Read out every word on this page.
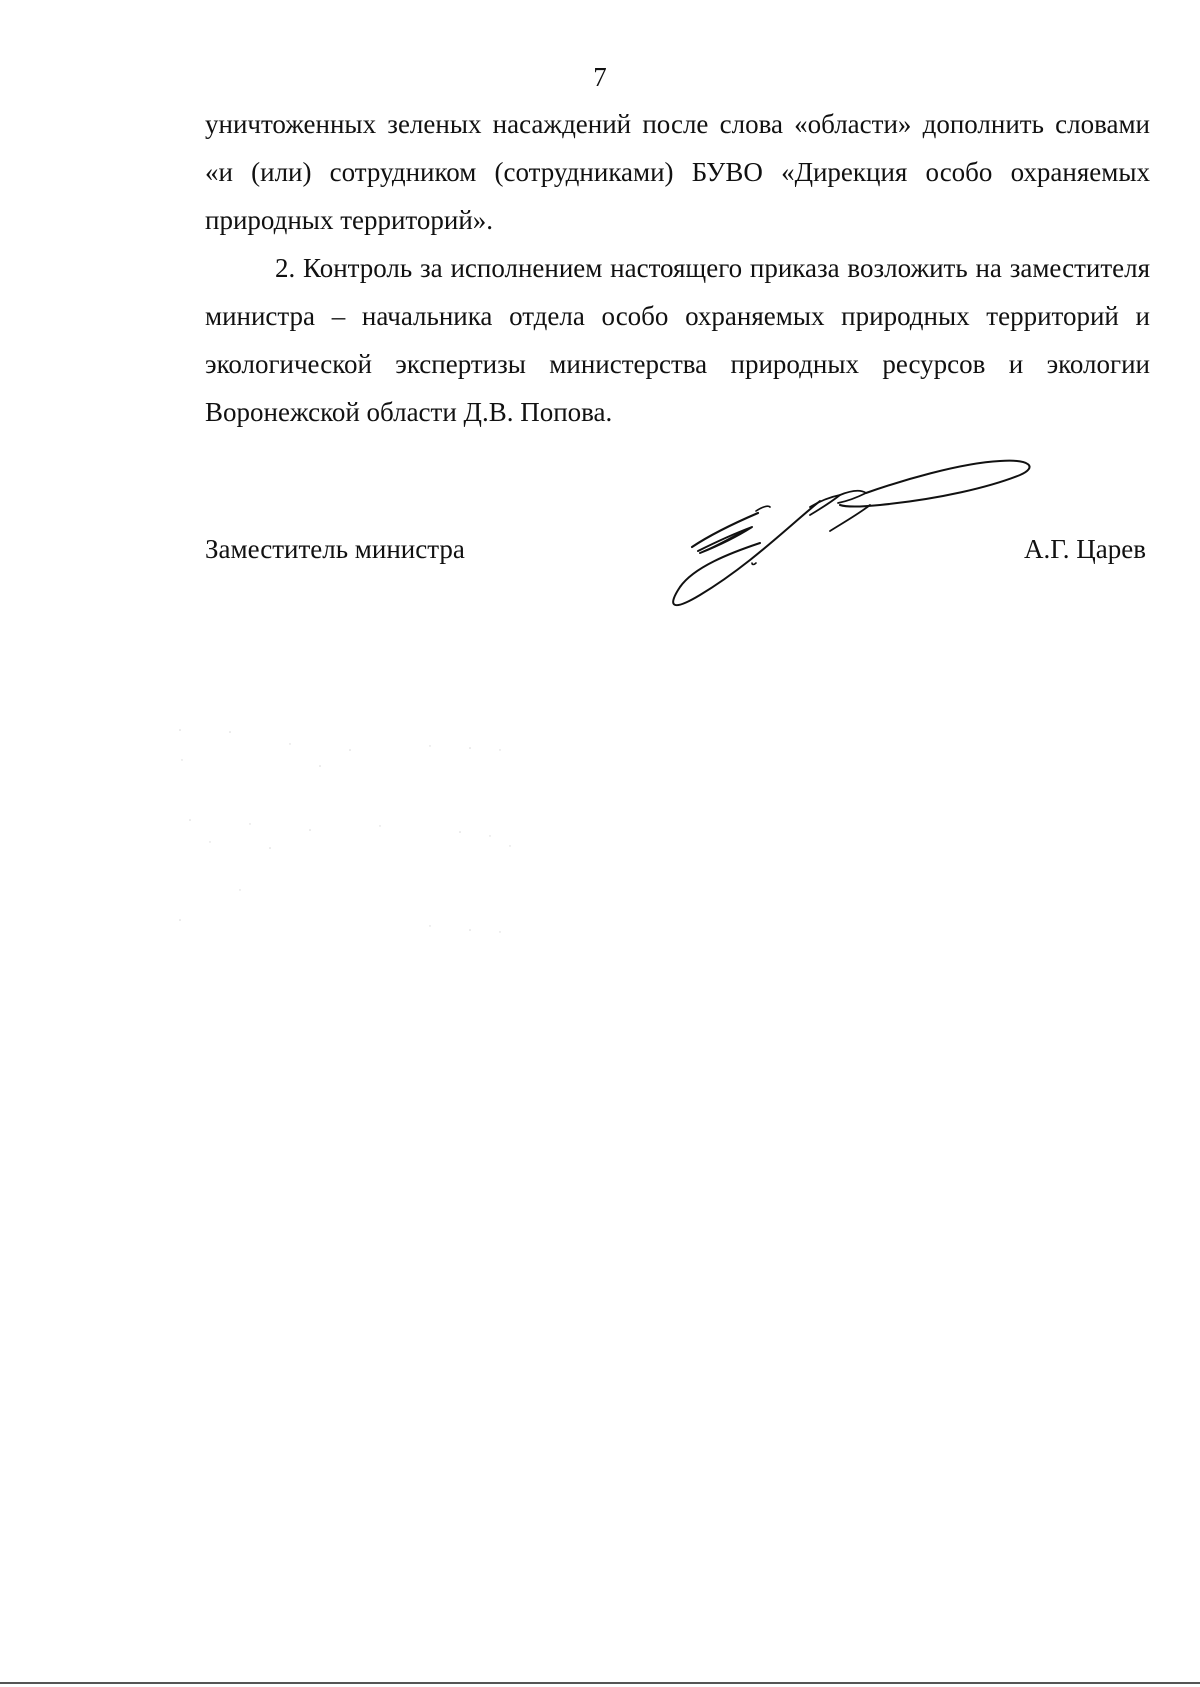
7

уничтоженных зеленых насаждений после слова «области» дополнить словами «и (или) сотрудником (сотрудниками) БУВО «Дирекция особо охраняемых природных территорий».

2. Контроль за исполнением настоящего приказа возложить на заместителя министра – начальника отдела особо охраняемых природных территорий и экологической экспертизы министерства природных ресурсов и экологии Воронежской области Д.В. Попова.

Заместитель министра	А.Г. Царев
